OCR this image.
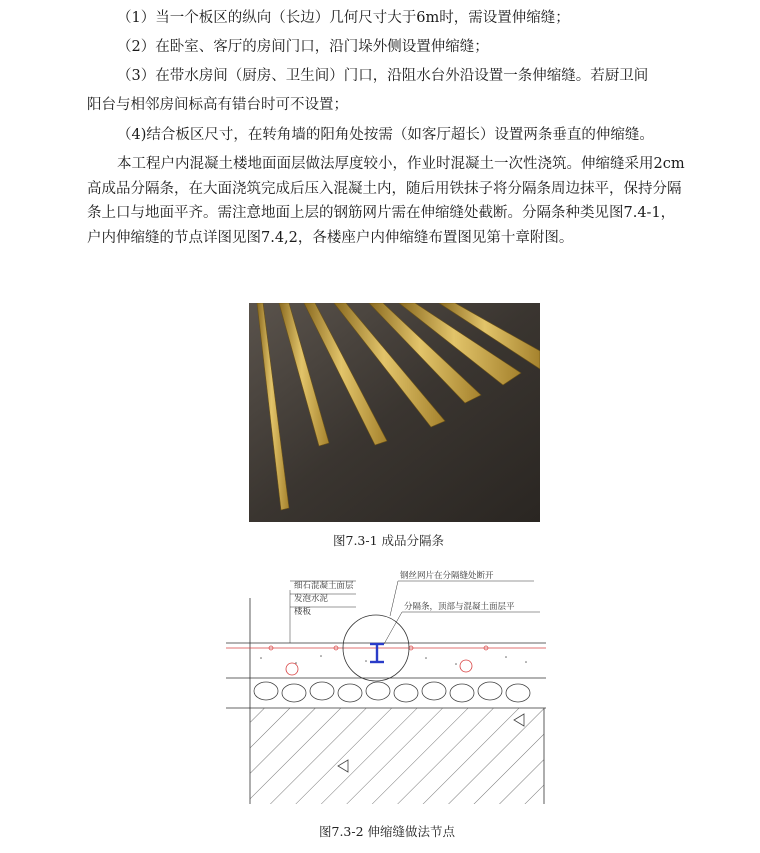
（1）当一个板区的纵向（长边）几何尺寸大于6m时，需设置伸缩缝；

（2）在卧室、客厅的房间门口，沿门垛外侧设置伸缩缝；

（3）在带水房间（厨房、卫生间）门口，沿阻水台外沿设置一条伸缩缝。若厨卫间

阳台与相邻房间标高有错台时可不设置；

（4)结合板区尺寸，在转角墙的阳角处按需（如客厅超长）设置两条垂直的伸缩缝。

本工程户内混凝土楼地面面层做法厚度较小，作业时混凝土一次性浇筑。伸缩缝采用2cm高成品分隔条，在大面浇筑完成后压入混凝土内，随后用铁抹子将分隔条周边抹平，保持分隔条上口与地面平齐。需注意地面上层的钢筋网片需在伸缩缝处截断。分隔条种类见图7.4-1，户内伸缩缝的节点详图见图7.4,2，各楼座户内伸缩缝布置图见第十章附图。

图7.3-1 成品分隔条
细石混凝土面层
发泡水泥
楼板
钢丝网片在分隔缝处断开
分隔条，顶部与混凝土面层平
图7.3-2 伸缩缝做法节点
